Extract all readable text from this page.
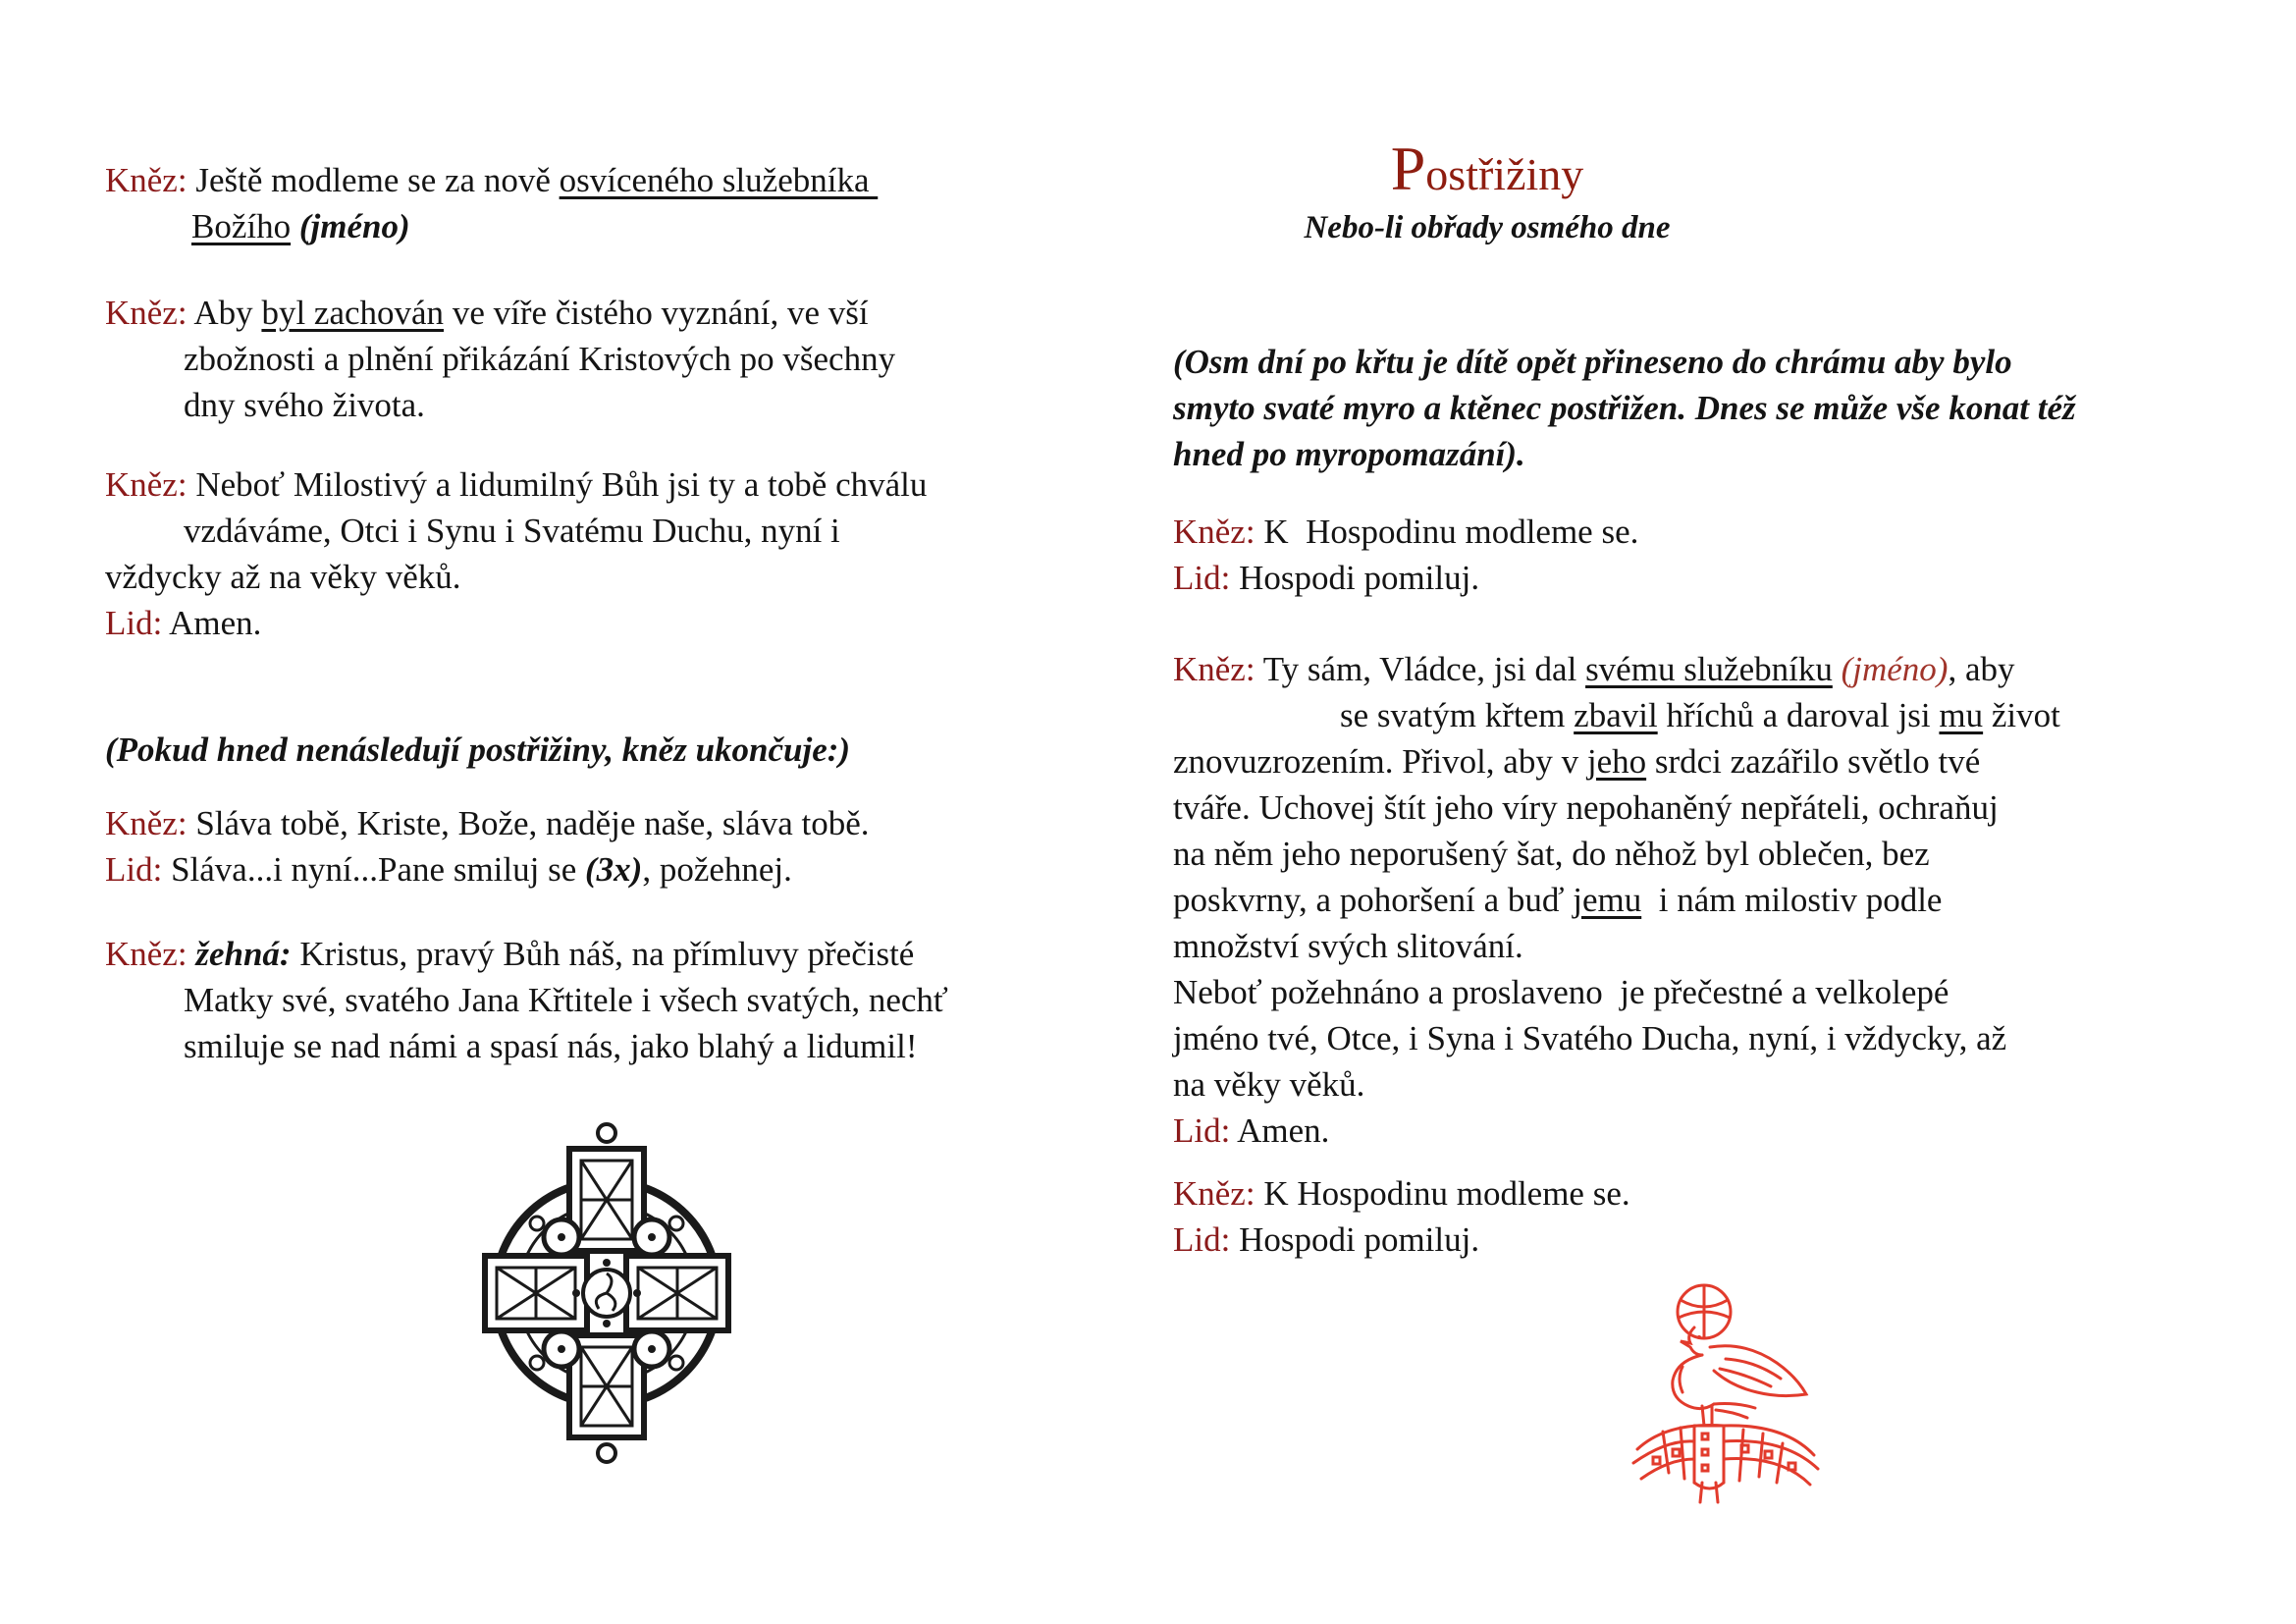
Kněz: Ještě modleme se za nově osvíceného služebníka
Božího (jméno)
Kněz: Aby byl zachován ve víře čistého vyznání, ve vší
zbožnosti a plnění přikázání Kristových po všechny
dny svého života.
Kněz: Neboť Milostivý a lidumilný Bůh jsi ty a tobě chválu
vzdáváme, Otci i Synu i Svatému Duchu, nyní i
vždycky až na věky věků.
Lid: Amen.
(Pokud hned nenásledují postřižiny, kněz ukončuje:)
Kněz: Sláva tobě, Kriste, Bože, naděje naše, sláva tobě.
Lid: Sláva...i nyní...Pane smiluj se (3x), požehnej.
Kněz: žehná: Kristus, pravý Bůh náš, na přímluvy přečisté
Matky své, svatého Jana Křtitele i všech svatých, nechť
smiluje se nad námi a spasí nás, jako blahý a lidumil!
Postřižiny
Nebo-li obřady osmého dne
(Osm dní po křtu je dítě opět přineseno do chrámu aby bylo
smyto svaté myro a ktěnec postřižen. Dnes se může vše konat též
hned po myropomazání).
Kněz: K  Hospodinu modleme se.
Lid: Hospodi pomiluj.
Kněz: Ty sám, Vládce, jsi dal svému služebníku (jméno), aby
se svatým křtem zbavil hříchů a daroval jsi mu život
znovuzrozením. Přivol, aby v jeho srdci zazářilo světlo tvé
tváře. Uchovej štít jeho víry nepohaněný nepřáteli, ochraňuj
na něm jeho neporušený šat, do něhož byl oblečen, bez
poskvrny, a pohoršení a buď jemu  i nám milostiv podle
množství svých slitování.
Neboť požehnáno a proslaveno  je přečestné a velkolepé
jméno tvé, Otce, i Syna i Svatého Ducha, nyní, i vždycky, až
na věky věků.
Lid: Amen.
Kněz: K Hospodinu modleme se.
Lid: Hospodi pomiluj.
